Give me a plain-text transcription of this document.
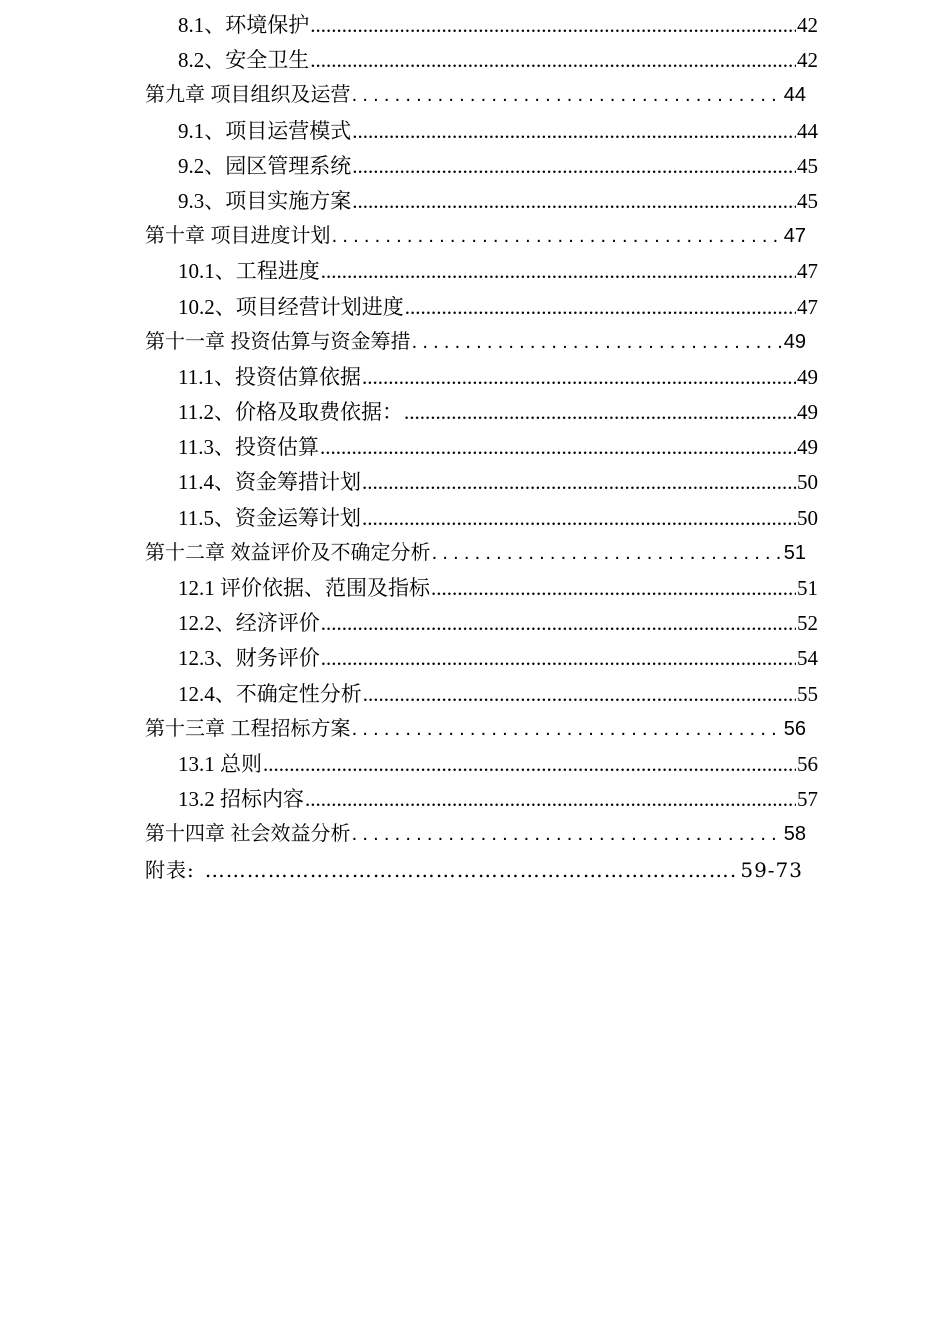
8.1、环境保护 .....	42
8.2、安全卫生 .....	42
第九章 项目组织及运营 .....	44
9.1、项目运营模式 .....	44
9.2、园区管理系统 .....	45
9.3、项目实施方案 .....	45
第十章 项目进度计划 .....	47
10.1、工程进度 .....	47
10.2、项目经营计划进度 .....	47
第十一章 投资估算与资金筹措 .....	49
11.1、投资估算依据 .....	49
11.2、价格及取费依据： .....	49
11.3、投资估算 .....	49
11.4、资金筹措计划 .....	50
11.5、资金运筹计划 .....	50
第十二章 效益评价及不确定分析 .....	51
12.1 评价依据、范围及指标 .....	51
12.2、经济评价 .....	52
12.3、财务评价 .....	54
12.4、不确定性分析 .....	55
第十三章 工程招标方案 .....	56
13.1 总则 .....	56
13.2 招标内容 .....	57
第十四章 社会效益分析 .....	58
附表: ……………………………………………………………………………………………………………………	59-73
